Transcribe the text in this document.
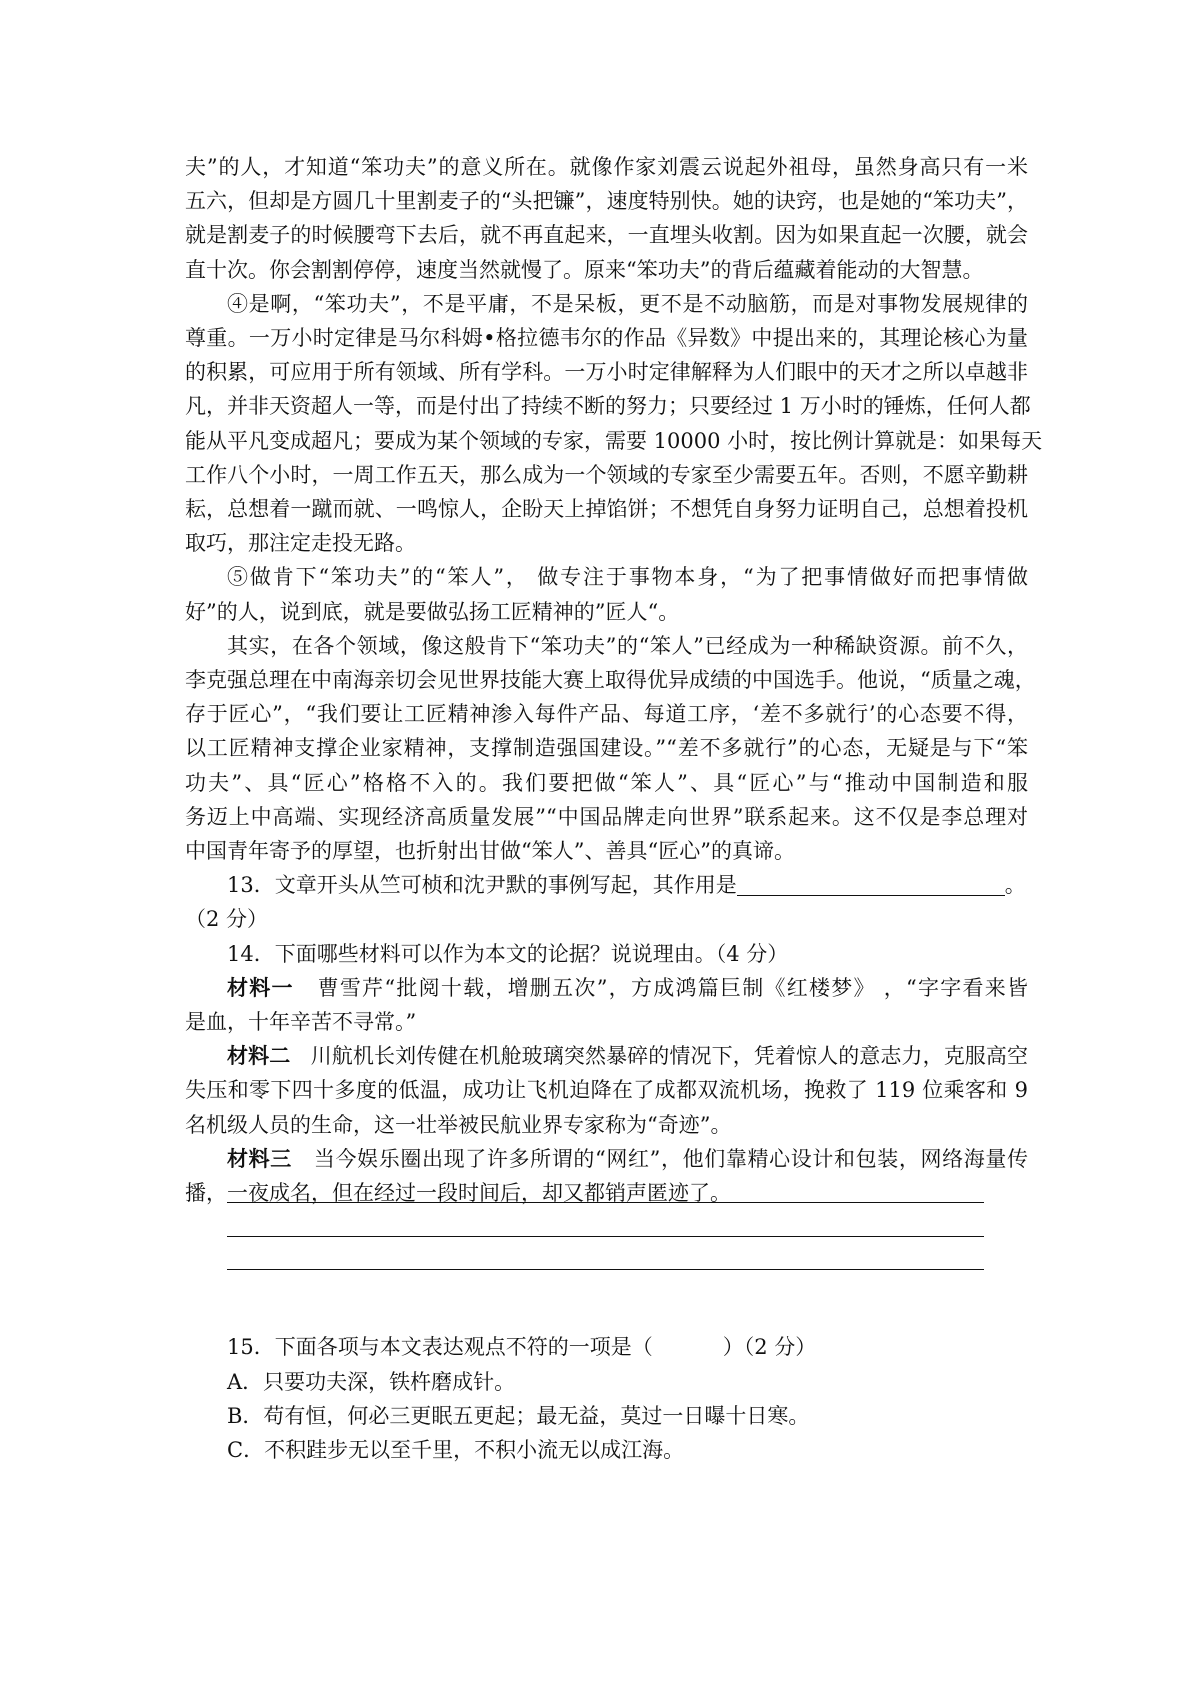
夫”的人，才知道“笨功夫”的意义所在。就像作家刘震云说起外祖母，虽然身高只有一米
五六，但却是方圆几十里割麦子的“头把镰”，速度特别快。她的诀窍，也是她的“笨功夫”，
就是割麦子的时候腰弯下去后，就不再直起来，一直埋头收割。因为如果直起一次腰，就会
直十次。你会割割停停，速度当然就慢了。原来“笨功夫”的背后蕴藏着能动的大智慧。
④是啊，“笨功夫”，不是平庸，不是呆板，更不是不动脑筋，而是对事物发展规律的
尊重。一万小时定律是马尔科姆•格拉德韦尔的作品《异数》中提出来的，其理论核心为量
的积累，可应用于所有领域、所有学科。一万小时定律解释为人们眼中的天才之所以卓越非
凡，并非天资超人一等，而是付出了持续不断的努力；只要经过 1 万小时的锤炼，任何人都
能从平凡变成超凡；要成为某个领域的专家，需要 10000 小时，按比例计算就是：如果每天
工作八个小时，一周工作五天，那么成为一个领域的专家至少需要五年。否则，不愿辛勤耕
耘，总想着一蹴而就、一鸣惊人，企盼天上掉馅饼；不想凭自身努力证明自己，总想着投机
取巧，那注定走投无路。
⑤做肯下“笨功夫”的“笨人”， 做专注于事物本身，“为了把事情做好而把事情做
好”的人，说到底，就是要做弘扬工匠精神的”匠人“。
其实，在各个领域，像这般肯下“笨功夫”的“笨人”已经成为一种稀缺资源。前不久，
李克强总理在中南海亲切会见世界技能大赛上取得优异成绩的中国选手。他说，“质量之魂，
存于匠心”，“我们要让工匠精神渗入每件产品、每道工序，‘差不多就行’的心态要不得，
以工匠精神支撑企业家精神，支撑制造强国建设。”“差不多就行”的心态，无疑是与下“笨
功夫”、具“匠心”格格不入的。我们要把做“笨人”、具“匠心”与“推动中国制造和服
务迈上中高端、实现经济高质量发展”“中国品牌走向世界”联系起来。这不仅是李总理对
中国青年寄予的厚望，也折射出甘做“笨人”、善具“匠心”的真谛。
13．文章开头从竺可桢和沈尹默的事例写起，其作用是	。
（2 分）
14．下面哪些材料可以作为本文的论据？说说理由。（4 分）
材料一 曹雪芹“批阅十载，增删五次”，方成鸿篇巨制《红楼梦》 ，“字字看来皆
是血，十年辛苦不寻常。”
材料二 川航机长刘传健在机舱玻璃突然暴碎的情况下，凭着惊人的意志力，克服高空
失压和零下四十多度的低温，成功让飞机迫降在了成都双流机场，挽救了 119 位乘客和 9
名机级人员的生命，这一壮举被民航业界专家称为“奇迹”。
材料三 当今娱乐圈出现了许多所谓的“网红”，他们靠精心设计和包装，网络海量传
播，一夜成名，但在经过一段时间后，却又都销声匿迹了。
15．下面各项与本文表达观点不符的一项是（	）（2 分）

A．只要功夫深，铁杵磨成针。

B．苟有恒，何必三更眠五更起；最无益，莫过一日曝十日寒。

C．不积跬步无以至千里，不积小流无以成江海。
